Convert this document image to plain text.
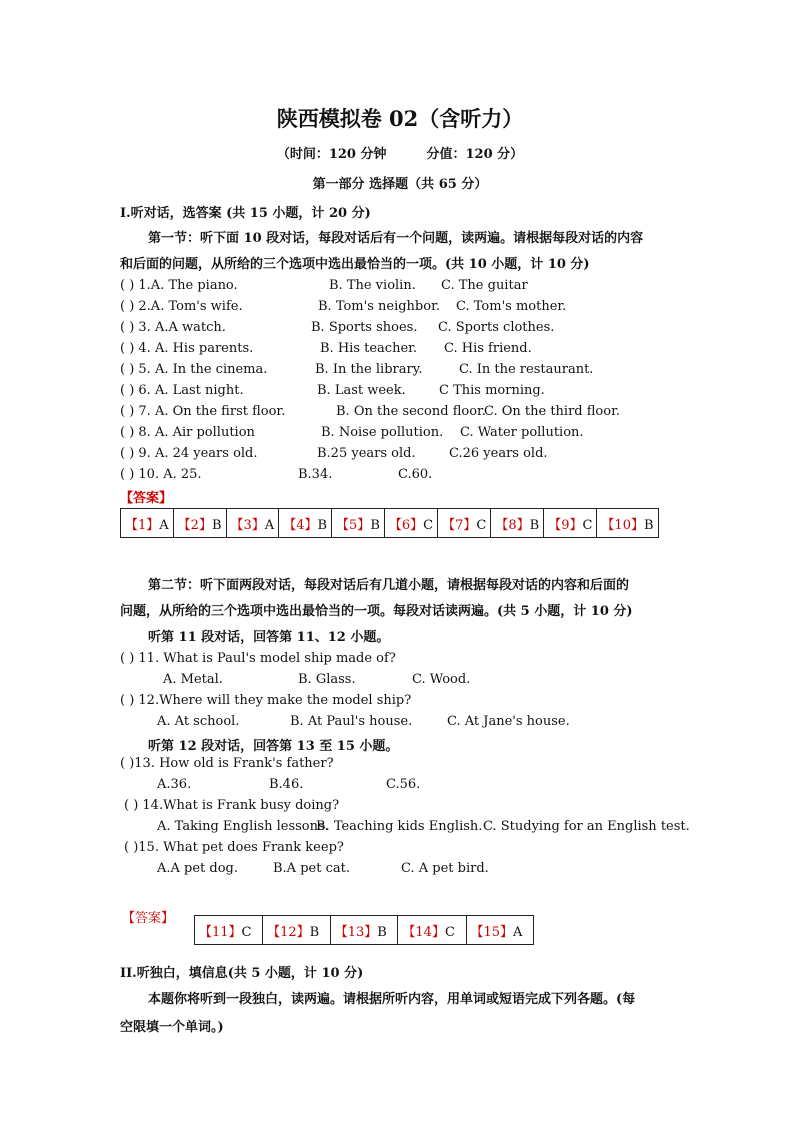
陕西模拟卷 02（含听力）
（时间：120 分钟	分值：120 分）
第一部分 选择题（共 65 分）
I.听对话，选答案 (共 15 小题，计 20 分)
第一节：听下面 10 段对话，每段对话后有一个问题，读两遍。请根据每段对话的内容
和后面的问题，从所给的三个选项中选出最恰当的一项。(共 10 小题，计 10 分)
( ) 1.A. The piano.	B. The violin. C. The guitar
( ) 2.A. Tom's wife.	B. Tom's neighbor. C. Tom's mother.
( ) 3. A.A watch.	B. Sports shoes. C. Sports clothes.
( ) 4. A. His parents.	B. His teacher. C. His friend.
( ) 5. A. In the cinema.	B. In the library.	C. In the restaurant.
( ) 6. A. Last night.	B. Last week.	C This morning.
( ) 7. A. On the first floor.	B. On the second floor.
C. On the third floor.
( ) 8. A. Air pollution	B. Noise pollution. C. Water pollution.
( ) 9. A. 24 years old.	B.25 years old.	C.26 years old.
( ) 10. A. 25.	B.34.	C.60.
【答案】
【1】A	【2】B	【3】A	【4】B	【5】B	【6】C	【7】C	【8】B	【9】C	【10】B
第二节：听下面两段对话，每段对话后有几道小题，请根据每段对话的内容和后面的
问题，从所给的三个选项中选出最恰当的一项。每段对话读两遍。(共 5 小题，计 10 分)
听第 11 段对话，回答第 11、12 小题。
( ) 11. What is Paul's model ship made of?
A. Metal.	B. Glass.	C. Wood.
( ) 12.Where will they make the model ship?
A. At school.	B. At Paul's house.	C. At Jane's house.
听第 12 段对话，回答第 13 至 15 小题。
( )13. How old is Frank's father?
A.36.	B.46.	C.56.
( ) 14.What is Frank busy doing?
A. Taking English lessons.
B. Teaching kids English. C. Studying for an English test.
( )15. What pet does Frank keep?
A.A pet dog.	B.A pet cat.	C. A pet bird.
【答案】
【11】C	【12】B	【13】B	【14】C	【15】A
II.听独白，填信息(共 5 小题，计 10 分)
本题你将听到一段独白，读两遍。请根据所听内容，用单词或短语完成下列各题。(每
空限填一个单词。)
